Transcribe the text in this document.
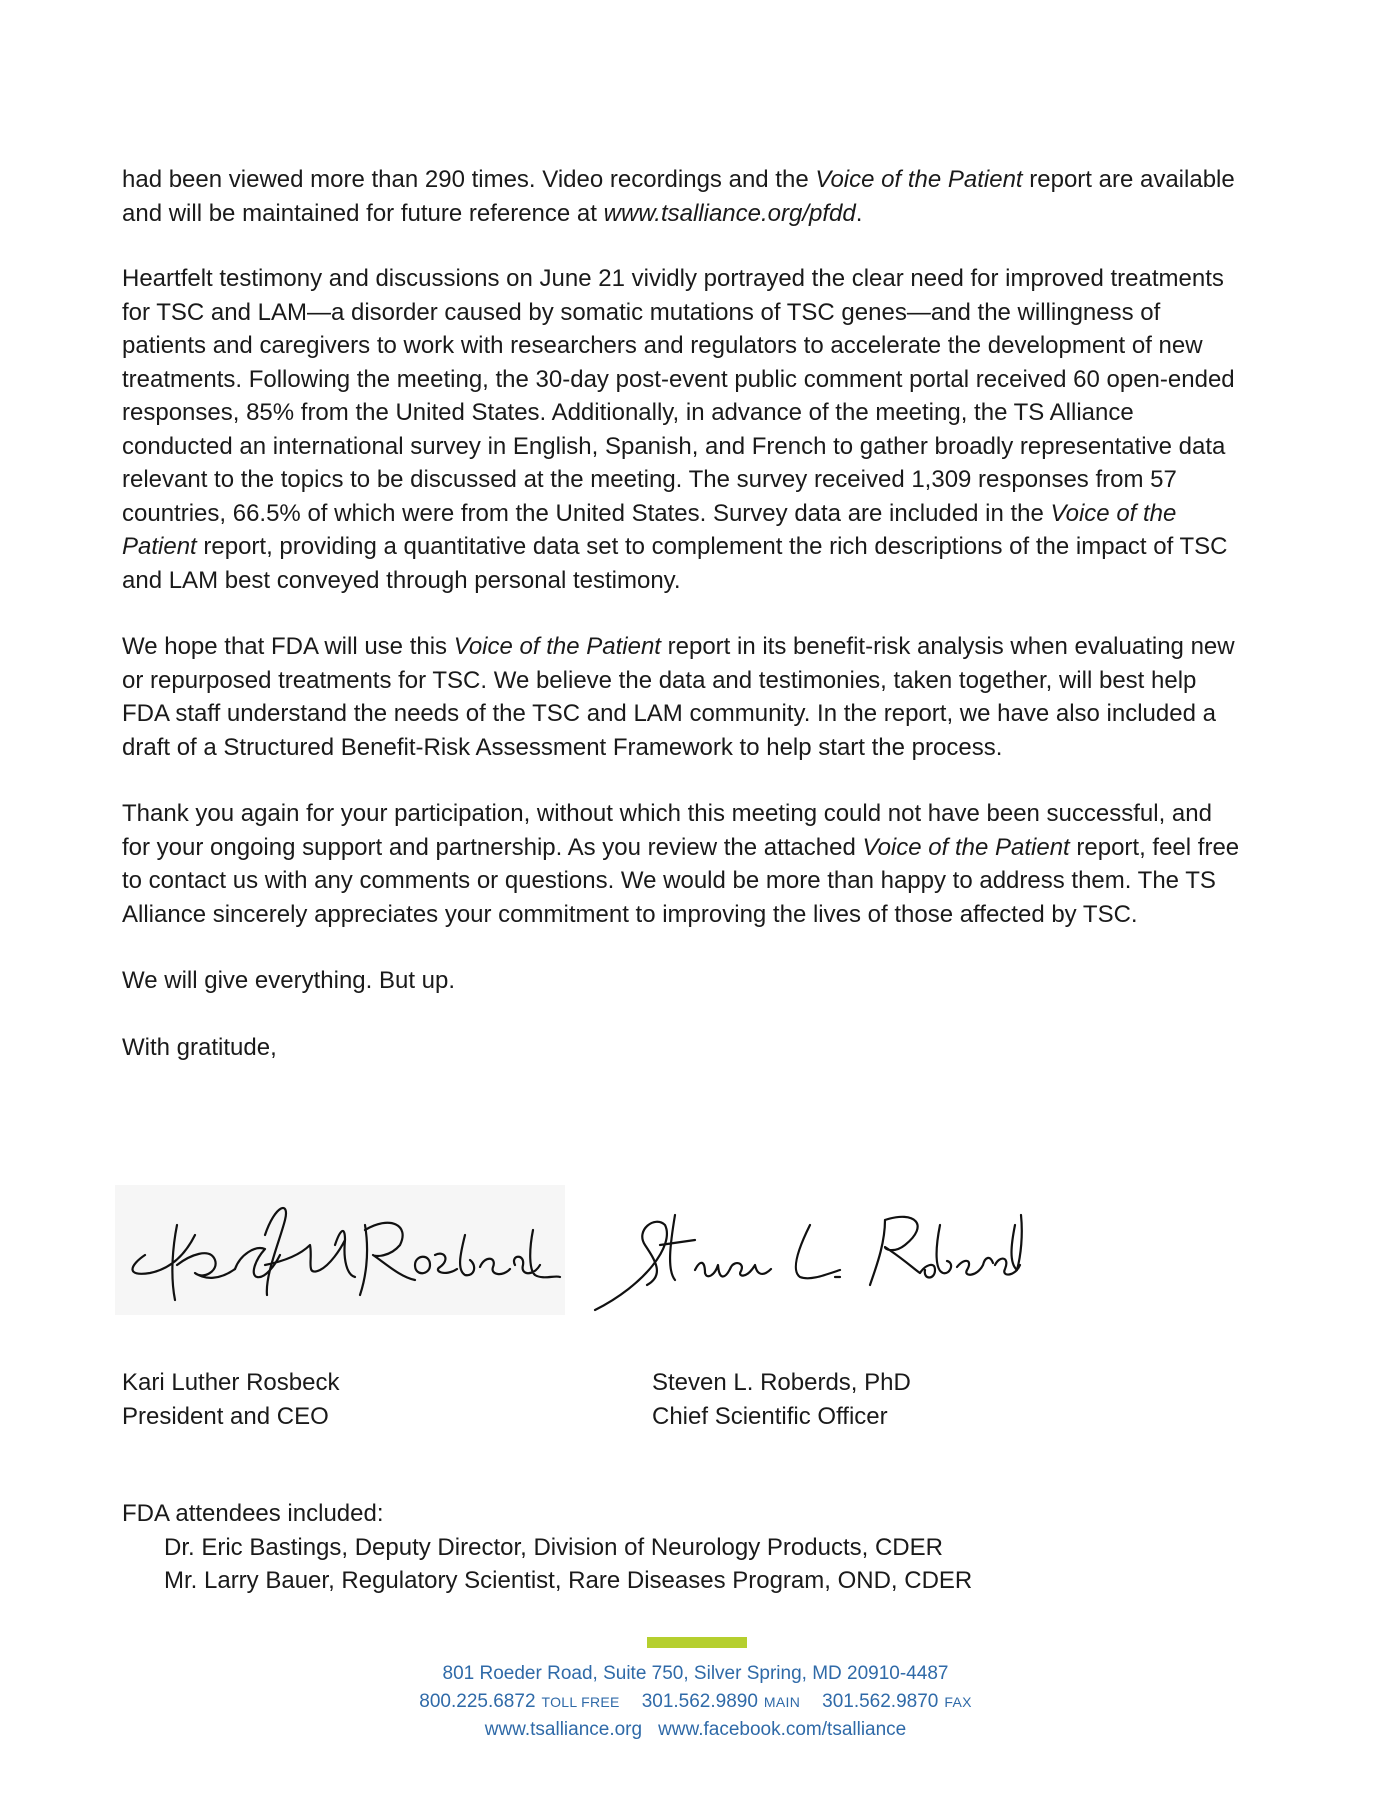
had been viewed more than 290 times. Video recordings and the Voice of the Patient report are available and will be maintained for future reference at www.tsalliance.org/pfdd.

Heartfelt testimony and discussions on June 21 vividly portrayed the clear need for improved treatments for TSC and LAM—a disorder caused by somatic mutations of TSC genes—and the willingness of patients and caregivers to work with researchers and regulators to accelerate the development of new treatments. Following the meeting, the 30-day post-event public comment portal received 60 open-ended responses, 85% from the United States. Additionally, in advance of the meeting, the TS Alliance conducted an international survey in English, Spanish, and French to gather broadly representative data relevant to the topics to be discussed at the meeting. The survey received 1,309 responses from 57 countries, 66.5% of which were from the United States. Survey data are included in the Voice of the Patient report, providing a quantitative data set to complement the rich descriptions of the impact of TSC and LAM best conveyed through personal testimony.

We hope that FDA will use this Voice of the Patient report in its benefit-risk analysis when evaluating new or repurposed treatments for TSC. We believe the data and testimonies, taken together, will best help FDA staff understand the needs of the TSC and LAM community. In the report, we have also included a draft of a Structured Benefit-Risk Assessment Framework to help start the process.

Thank you again for your participation, without which this meeting could not have been successful, and for your ongoing support and partnership. As you review the attached Voice of the Patient report, feel free to contact us with any comments or questions. We would be more than happy to address them. The TS Alliance sincerely appreciates your commitment to improving the lives of those affected by TSC.

We will give everything. But up.

With gratitude,

Kari Luther Rosbeck
President and CEO
Steven L. Roberds, PhD
Chief Scientific Officer
FDA attendees included:
Dr. Eric Bastings, Deputy Director, Division of Neurology Products, CDER
Mr. Larry Bauer, Regulatory Scientist, Rare Diseases Program, OND, CDER
801 Roeder Road, Suite 750, Silver Spring, MD 20910-4487
800.225.6872 TOLL FREE 301.562.9890 MAIN 301.562.9870 FAX
www.tsalliance.org www.facebook.com/tsalliance
